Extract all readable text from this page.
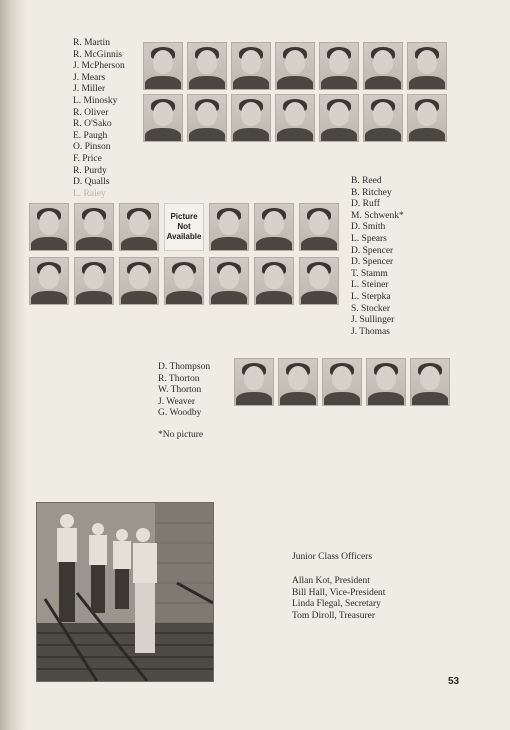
R. Martin
R. McGinnis
J. McPherson
J. Mears
J. Miller
L. Minosky
R. Oliver
R. O'Sako
E. Paugh
O. Pinson
F. Price
R. Purdy
D. Qualls
L. Raley
Picture
Not
Available
B. Reed
B. Ritchey
D. Ruff
M. Schwenk*
D. Smith
L. Spears
D. Spencer
D. Spencer
T. Stamm
L. Steiner
L. Sterpka
S. Stocker
J. Sullinger
J. Thomas
D. Thompson
R. Thorton
W. Thorton
J. Weaver
G. Woodby
*No picture
Junior Class Officers
Allan Kot, President
Bill Hall, Vice-President
Linda Flegal, Secretary
Tom Diroll, Treasurer
53
